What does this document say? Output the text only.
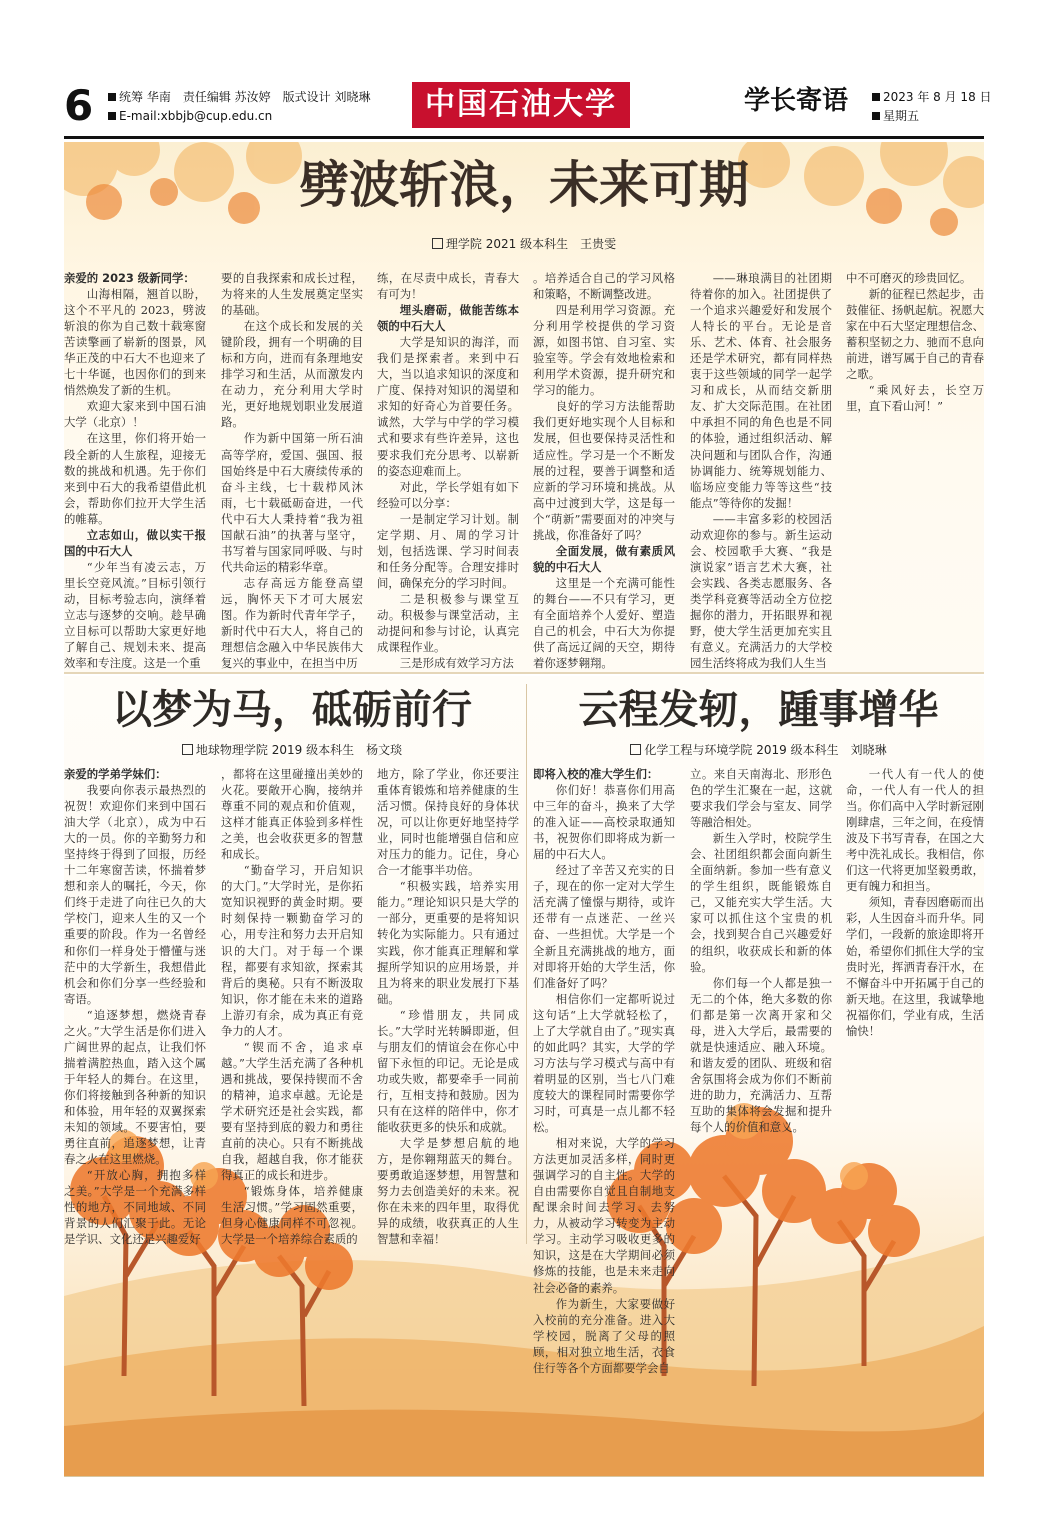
6	统筹 华南　责任编辑 苏汝婷　版式设计 刘晓琳
E-mail:xbbjb@cup.edu.cn	中国石油大学	学长寄语	2023 年 8 月 18 日
星期五
劈波斩浪，未来可期
理学院 2021 级本科生　王贵雯

亲爱的 2023 级新同学：

山海相隔，翘首以盼，这个不平凡的 2023，劈波斩浪的你为自己数十载寒窗苦读擎画了崭新的图景，风华正茂的中石大不也迎来了七十华诞，也因你们的到来悄然焕发了新的生机。

欢迎大家来到中国石油大学（北京）！

在这里，你们将开始一段全新的人生旅程，迎接无数的挑战和机遇。先于你们来到中石大的我希望借此机会，帮助你们拉开大学生活的帷幕。

立志如山，做以实干报国的中石大人

“少年当有凌云志，万里长空竞风流。”目标引领行动，目标考验志向，演绎着立志与逐梦的交响。趁早确立目标可以帮助大家更好地了解自己、规划未来、提高效率和专注度。这是一个重

要的自我探索和成长过程，为将来的人生发展奠定坚实的基础。

在这个成长和发展的关键阶段，拥有一个明确的目标和方向，进而有条理地安排学习和生活，从而激发内在动力，充分利用大学时光，更好地规划职业发展道路。

作为新中国第一所石油高等学府，爱国、强国、报国始终是中石大赓续传承的奋斗主线，七十载栉风沐雨，七十载砥砺奋进，一代代中石大人秉持着“我为祖国献石油”的执著与坚守，书写着与国家同呼吸、与时代共命运的精彩华章。

志存高远方能登高望远，胸怀天下才可大展宏图。作为新时代青年学子，新时代中石大人，将自己的理想信念融入中华民族伟大复兴的事业中，在担当中历

练，在尽责中成长，青春大有可为！

埋头磨砺，做能苦练本领的中石大人

大学是知识的海洋，而我们是探索者。来到中石大，当以追求知识的深度和广度、保持对知识的渴望和求知的好奇心为首要任务。诚然，大学与中学的学习模式和要求有些许差异，这也要求我们充分思考、以崭新的姿态迎难而上。

对此，学长学姐有如下经验可以分享：

一是制定学习计划。制定学期、月、周的学习计划，包括选课、学习时间表和任务分配等。合理安排时间，确保充分的学习时间。

二是积极参与课堂互动。积极参与课堂活动，主动提问和参与讨论，认真完成课程作业。

三是形成有效学习方法

。培养适合自己的学习风格和策略，不断调整改进。

四是利用学习资源。充分利用学校提供的学习资源，如图书馆、自习室、实验室等。学会有效地检索和利用学术资源，提升研究和学习的能力。

良好的学习方法能帮助我们更好地实现个人目标和发展，但也要保持灵活性和适应性。学习是一个不断发展的过程，要善于调整和适应新的学习环境和挑战。从高中过渡到大学，这是每一个“萌新”需要面对的冲突与挑战，你准备好了吗？

全面发展，做有素质风貌的中石大人

这里是一个充满可能性的舞台——不只有学习，更有全面培养个人爱好、塑造自己的机会，中石大为你提供了高远辽阔的天空，期待着你逐梦翱翔。

——琳琅满目的社团期待着你的加入。社团提供了一个追求兴趣爱好和发展个人特长的平台。无论是音乐、艺术、体育、社会服务还是学术研究，都有同样热衷于这些领域的同学一起学习和成长，从而结交新朋友、扩大交际范围。在社团中承担不同的角色也是不同的体验，通过组织活动、解决问题和与团队合作，沟通协调能力、统筹规划能力、临场应变能力等等这些“技能点”等待你的发掘！

——丰富多彩的校园活动欢迎你的参与。新生运动会、校园歌手大赛、“我是演说家”语言艺术大赛，社会实践、各类志愿服务、各类学科竞赛等活动全方位挖掘你的潜力，开拓眼界和视野，使大学生活更加充实且有意义。充满活力的大学校园生活终将成为我们人生当

中不可磨灭的珍贵回忆。

新的征程已然起步，击鼓催征、扬帆起航。祝愿大家在中石大坚定理想信念、蓄积坚韧之力、驰而不息向前进，谱写属于自己的青春之歌。

“乘风好去，长空万里，直下看山河！”

以梦为马，砥砺前行
地球物理学院 2019 级本科生　杨文琰

亲爱的学弟学妹们：

我要向你表示最热烈的祝贺！欢迎你们来到中国石油大学（北京），成为中石大的一员。你的辛勤努力和坚持终于得到了回报，历经十二年寒窗苦读，怀揣着梦想和亲人的嘱托，今天，你们终于走进了向往已久的大学校门，迎来人生的又一个重要的阶段。作为一名曾经和你们一样身处于懵懂与迷茫中的大学新生，我想借此机会和你们分享一些经验和寄语。

“追逐梦想，燃烧青春之火。”大学生活是你们进入广阔世界的起点，让我们怀揣着满腔热血，踏入这个属于年轻人的舞台。在这里，你们将接触到各种新的知识和体验，用年轻的双翼探索未知的领域。不要害怕，要勇往直前，追逐梦想，让青春之火在这里燃烧。

“开放心胸，拥抱多样之美。”大学是一个充满多样性的地方，不同地域、不同背景的人们汇聚于此。无论是学识、文化还是兴趣爱好

，都将在这里碰撞出美妙的火花。要敞开心胸，接纳并尊重不同的观点和价值观，这样才能真正体验到多样性之美，也会收获更多的智慧和成长。

“勤奋学习，开启知识的大门。”大学时光，是你拓宽知识视野的黄金时期。要时刻保持一颗勤奋学习的心，用专注和努力去开启知识的大门。对于每一个课程，都要有求知欲，探索其背后的奥秘。只有不断汲取知识，你才能在未来的道路上游刃有余，成为真正有竞争力的人才。

“锲而不舍，追求卓越。”大学生活充满了各种机遇和挑战，要保持锲而不舍的精神，追求卓越。无论是学术研究还是社会实践，都要有坚持到底的毅力和勇往直前的决心。只有不断挑战自我，超越自我，你才能获得真正的成长和进步。

“锻炼身体，培养健康生活习惯。”学习固然重要，但身心健康同样不可忽视。大学是一个培养综合素质的

地方，除了学业，你还要注重体育锻炼和培养健康的生活习惯。保持良好的身体状况，可以让你更好地坚持学业，同时也能增强自信和应对压力的能力。记住，身心合一才能事半功倍。

“积极实践，培养实用能力。”理论知识只是大学的一部分，更重要的是将知识转化为实际能力。只有通过实践，你才能真正理解和掌握所学知识的应用场景，并且为将来的职业发展打下基础。

“珍惜朋友，共同成长。”大学时光转瞬即逝，但与朋友们的情谊会在你心中留下永恒的印记。无论是成功或失败，都要牵手一同前行，互相支持和鼓励。因为只有在这样的陪伴中，你才能收获更多的快乐和成就。

大学是梦想启航的地方，是你翱翔蓝天的舞台。要勇敢追逐梦想，用智慧和努力去创造美好的未来。祝你在未来的四年里，取得优异的成绩，收获真正的人生智慧和幸福！

云程发轫，踵事增华
化学工程与环境学院 2019 级本科生　刘晓琳

即将入校的准大学生们：

你们好！恭喜你们用高中三年的奋斗，换来了大学的准入证——高校录取通知书，祝贺你们即将成为新一届的中石大人。

经过了辛苦又充实的日子，现在的你一定对大学生活充满了憧憬与期待，或许还带有一点迷茫、一丝兴奋、一些担忧。大学是一个全新且充满挑战的地方，面对即将开始的大学生活，你们准备好了吗？

相信你们一定都听说过这句话“上大学就轻松了，上了大学就自由了。”现实真的如此吗？其实，大学的学习方法与学习模式与高中有着明显的区别，当七八门难度较大的课程同时需要你学习时，可真是一点儿都不轻松。

相对来说，大学的学习方法更加灵活多样，同时更强调学习的自主性。大学的自由需要你自觉且自制地支配课余时间去学习、去努力，从被动学习转变为主动学习。主动学习吸收更多的知识，这是在大学期间必须修炼的技能，也是未来走向社会必备的素养。

作为新生，大家要做好入校前的充分准备。进入大学校园，脱离了父母的照顾，相对独立地生活，衣食住行等各个方面都要学会自

立。来自天南海北、形形色色的学生汇聚在一起，这就要求我们学会与室友、同学等融洽相处。

新生入学时，校院学生会、社团组织都会面向新生全面纳新。参加一些有意义的学生组织，既能锻炼自己，又能充实大学生活。大家可以抓住这个宝贵的机会，找到契合自己兴趣爱好的组织，收获成长和新的体验。

你们每一个人都是独一无二的个体，绝大多数的你们都是第一次离开家和父母，进入大学后，最需要的就是快速适应、融入环境。和谐友爱的团队、班级和宿舍氛围将会成为你们不断前进的助力，充满活力、互帮互助的集体将会发掘和提升每个人的价值和意义。

一代人有一代人的使命，一代人有一代人的担当。你们高中入学时新冠刚刚肆虐，三年之间，在疫情波及下书写青春，在国之大考中洗礼成长。我相信，你们这一代将更加坚毅勇敢，更有魄力和担当。

须知，青春因磨砺而出彩，人生因奋斗而升华。同学们，一段新的旅途即将开始，希望你们抓住大学的宝贵时光，挥洒青春汗水，在不懈奋斗中开拓属于自己的新天地。在这里，我诚挚地祝福你们，学业有成，生活愉快！
